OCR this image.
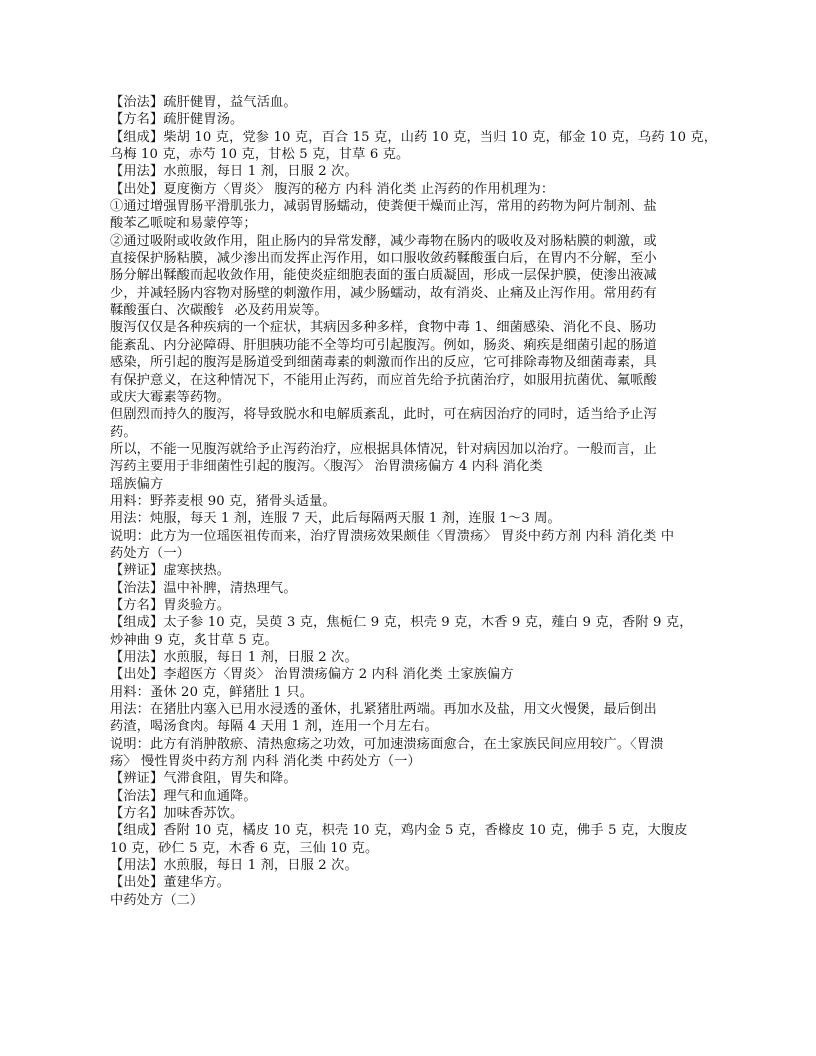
【治法】疏肝健胃，益气活血。
【方名】疏肝健胃汤。
【组成】柴胡 10 克，党参 10 克，百合 15 克，山药 10 克，当归 10 克，郁金 10 克，乌药 10 克，
乌梅 10 克，赤芍 10 克，甘松 5 克，甘草 6 克。
【用法】水煎服，每日 1 剂，日服 2 次。
【出处】夏度衡方〈胃炎〉 腹泻的秘方 内科 消化类 止泻药的作用机理为：
①通过增强胃肠平滑肌张力，减弱胃肠蠕动，使粪便干燥而止泻，常用的药物为阿片制剂、盐
酸苯乙哌啶和易蒙停等；
②通过吸附或收敛作用，阻止肠内的异常发酵，减少毒物在肠内的吸收及对肠粘膜的刺激，或
直接保护肠粘膜，减少渗出而发挥止泻作用，如口服收敛药鞣酸蛋白后，在胃内不分解，至小
肠分解出鞣酸而起收敛作用，能使炎症细胞表面的蛋白质凝固，形成一层保护膜，使渗出液减
少，并减轻肠内容物对肠壁的刺激作用，减少肠蠕动，故有消炎、止痛及止泻作用。常用药有
鞣酸蛋白、次碳酸钅 必及药用炭等。
腹泻仅仅是各种疾病的一个症状，其病因多种多样，食物中毒 1、细菌感染、消化不良、肠功
能紊乱、内分泌障碍、肝胆胰功能不全等均可引起腹泻。例如，肠炎、痢疾是细菌引起的肠道
感染，所引起的腹泻是肠道受到细菌毒素的刺激而作出的反应，它可排除毒物及细菌毒素，具
有保护意义，在这种情况下，不能用止泻药，而应首先给予抗菌治疗，如服用抗菌优、氟哌酸
或庆大霉素等药物。
但剧烈而持久的腹泻，将导致脱水和电解质紊乱，此时，可在病因治疗的同时，适当给予止泻
药。
所以，不能一见腹泻就给予止泻药治疗，应根据具体情况，针对病因加以治疗。一般而言，止
泻药主要用于非细菌性引起的腹泻。〈腹泻〉 治胃溃疡偏方 4 内科 消化类
瑶族偏方
用料：野荞麦根 90 克，猪骨头适量。
用法：炖服，每天 1 剂，连服 7 天，此后每隔两天服 1 剂，连服 1～3 周。
说明：此方为一位瑶医祖传而来，治疗胃溃疡效果颇佳〈胃溃疡〉 胃炎中药方剂 内科 消化类 中
药处方（一）
【辨证】虚寒挟热。
【治法】温中补脾，清热理气。
【方名】胃炎验方。
【组成】太子参 10 克，吴萸 3 克，焦栀仁 9 克，枳壳 9 克，木香 9 克，薤白 9 克，香附 9 克，
炒神曲 9 克，炙甘草 5 克。
【用法】水煎服，每日 1 剂，日服 2 次。
【出处】李超医方〈胃炎〉 治胃溃疡偏方 2 内科 消化类 土家族偏方
用料：蚤休 20 克，鲜猪肚 1 只。
用法：在猪肚内塞入已用水浸透的蚤休，扎紧猪肚两端。再加水及盐，用文火慢煲，最后倒出
药渣，喝汤食肉。每隔 4 天用 1 剂，连用一个月左右。
说明：此方有消肿散瘀、清热愈疡之功效，可加速溃疡面愈合，在土家族民间应用较广。〈胃溃
疡〉 慢性胃炎中药方剂 内科 消化类 中药处方（一）
【辨证】气滞食阻，胃失和降。
【治法】理气和血通降。
【方名】加味香苏饮。
【组成】香附 10 克，橘皮 10 克，枳壳 10 克，鸡内金 5 克，香橼皮 10 克，佛手 5 克，大腹皮
10 克，砂仁 5 克，木香 6 克，三仙 10 克。
【用法】水煎服，每日 1 剂，日服 2 次。
【出处】董建华方。
中药处方（二）
